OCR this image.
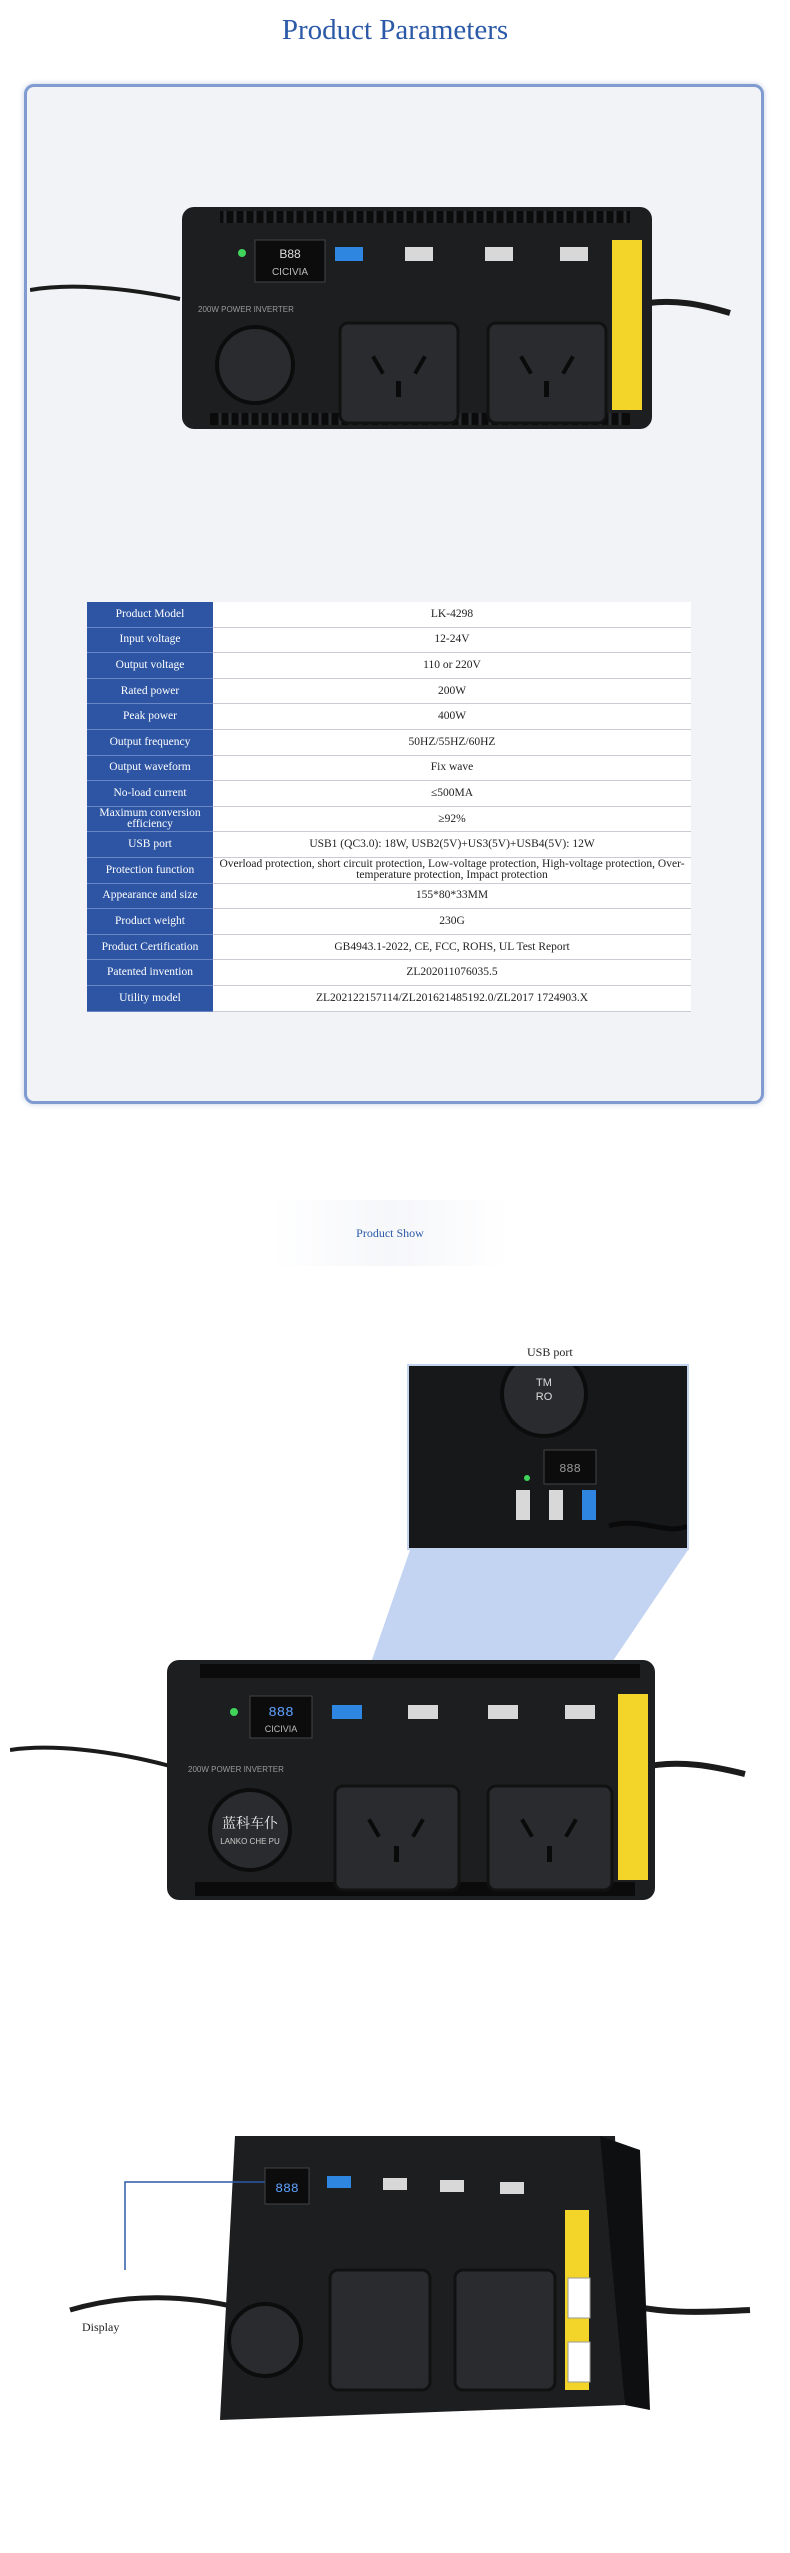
Product Parameters
B88
CICIVIA
200W POWER INVERTER
Product Model	LK-4298
Input voltage	12-24V
Output voltage	110 or 220V
Rated power	200W
Peak power	400W
Output frequency	50HZ/55HZ/60HZ
Output waveform	Fix wave
No-load current	≤500MA
Maximum conversion efficiency	≥92%
USB port	USB1 (QC3.0): 18W, USB2(5V)+US3(5V)+USB4(5V): 12W
Protection function	Overload protection, short circuit protection, Low-voltage protection, High-voltage protection, Over-temperature protection, Impact protection
Appearance and size	155*80*33MM
Product weight	230G
Product Certification	GB4943.1-2022, CE, FCC, ROHS, UL Test Report
Patented invention	ZL202011076035.5
Utility model	ZL202122157114/ZL201621485192.0/ZL2017 1724903.X
Product Show
USB port
TM
RO
888
888
CICIVIA
200W POWER INVERTER
蓝科车仆
LANKO CHE PU
888
Display
